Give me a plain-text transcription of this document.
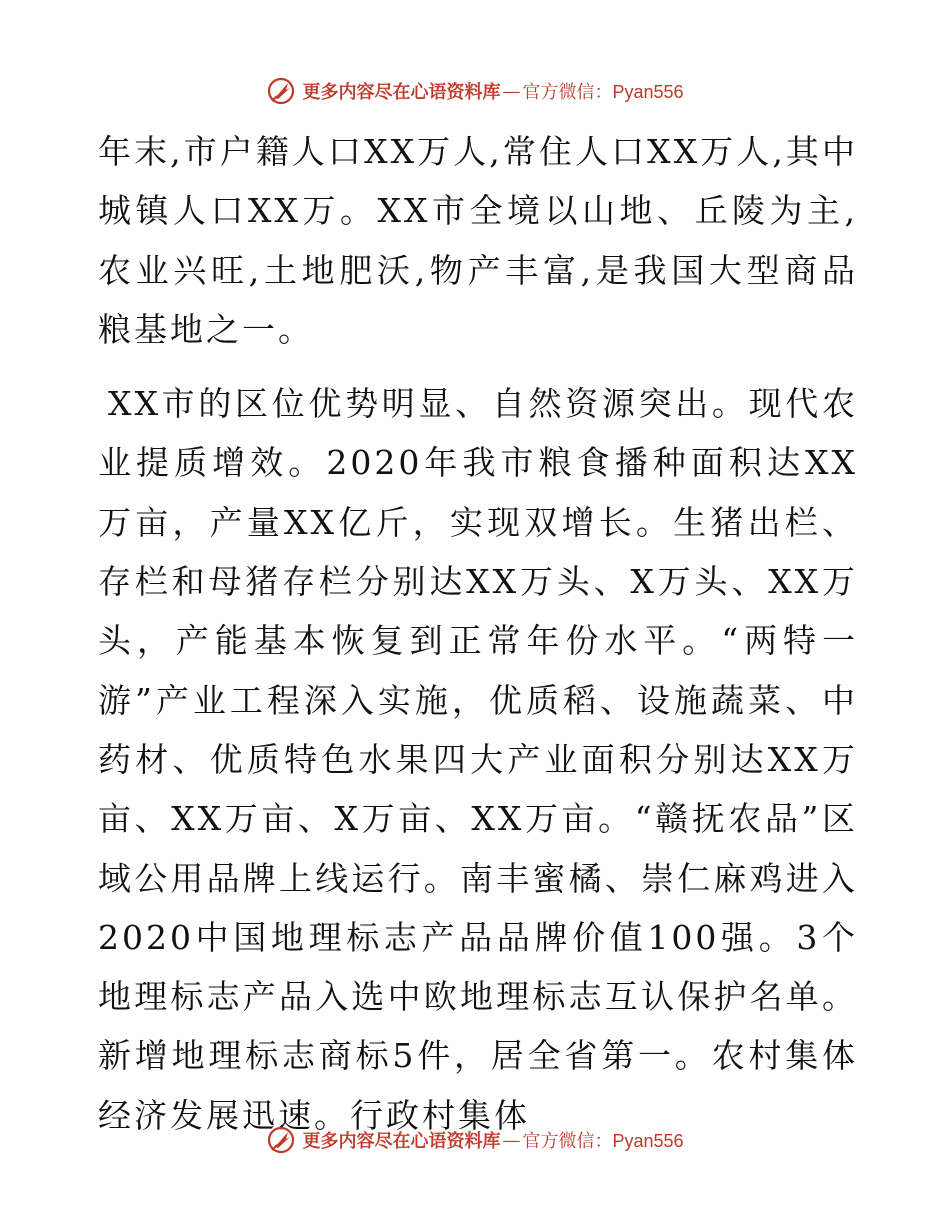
更多内容尽在心语资料库 — 官方微信：Pyan556

年末,市户籍人口XX万人,常住人口XX万人,其中城镇人口XX万。XX市全境以山地、丘陵为主,农业兴旺,土地肥沃,物产丰富,是我国大型商品粮基地之一。

XX市的区位优势明显、自然资源突出。现代农业提质增效。2020年我市粮食播种面积达XX万亩，产量XX亿斤，实现双增长。生猪出栏、存栏和母猪存栏分别达XX万头、X万头、XX万头，产能基本恢复到正常年份水平。“两特一游”产业工程深入实施，优质稻、设施蔬菜、中药材、优质特色水果四大产业面积分别达XX万亩、XX万亩、X万亩、XX万亩。“赣抚农品”区域公用品牌上线运行。南丰蜜橘、崇仁麻鸡进入2020中国地理标志产品品牌价值100强。3个地理标志产品入选中欧地理标志互认保护名单。新增地理标志商标5件，居全省第一。农村集体经济发展迅速。行政村集体

更多内容尽在心语资料库 — 官方微信：Pyan556
